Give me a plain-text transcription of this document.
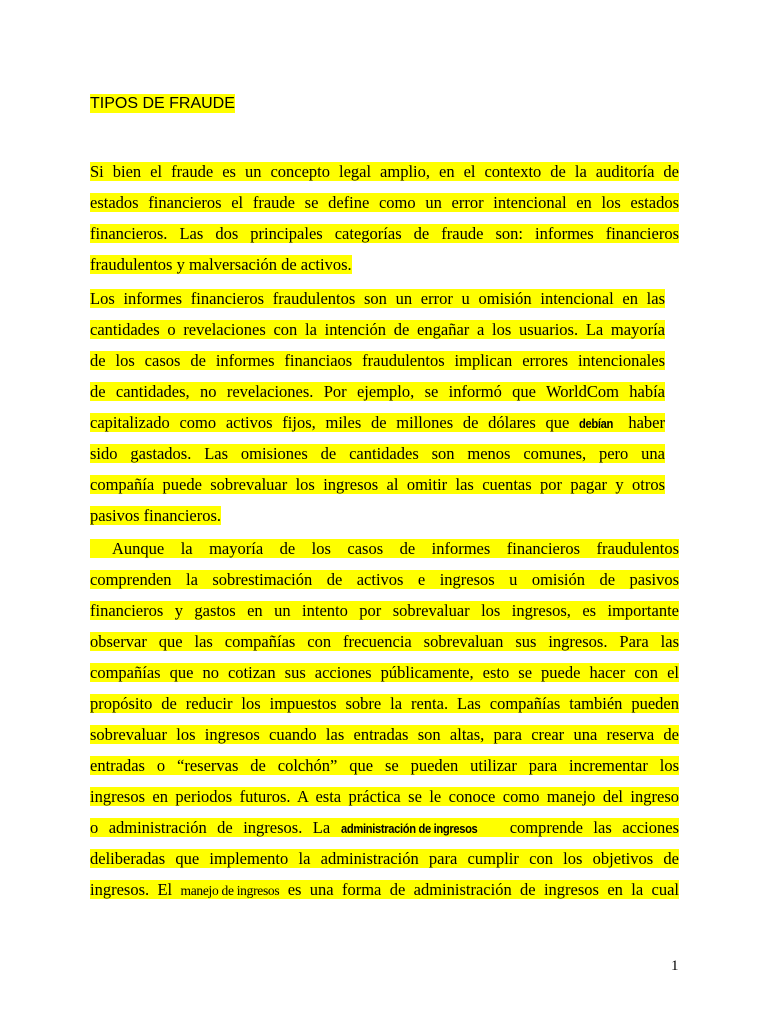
TIPOS DE FRAUDE
Si bien el fraude es un concepto legal amplio, en el contexto de la auditoría de
estados financieros el fraude se define como un error intencional en los estados
financieros. Las dos principales categorías de fraude son: informes financieros
fraudulentos y malversación de activos.
Los informes financieros fraudulentos son un error u omisión intencional en las
cantidades o revelaciones con la intención de engañar a los usuarios. La mayoría
de los casos de informes financiaos fraudulentos implican errores intencionales
de cantidades, no revelaciones. Por ejemplo, se informó que WorldCom había
capitalizado como activos fijos, miles de millones de dólares que debían haber
sido gastados. Las omisiones de cantidades son menos comunes, pero una
compañía puede sobrevaluar los ingresos al omitir las cuentas por pagar y otros
pasivos financieros.
Aunque la mayoría de los casos de informes financieros fraudulentos
comprenden la sobrestimación de activos e ingresos u omisión de pasivos
financieros y gastos en un intento por sobrevaluar los ingresos, es importante
observar que las compañías con frecuencia sobrevaluan sus ingresos. Para las
compañías que no cotizan sus acciones públicamente, esto se puede hacer con el
propósito de reducir los impuestos sobre la renta. Las compañías también pueden
sobrevaluar los ingresos cuando las entradas son altas, para crear una reserva de
entradas o “reservas de colchón” que se pueden utilizar para incrementar los
ingresos en periodos futuros. A esta práctica se le conoce como manejo del ingreso
o administración de ingresos. La administración de ingresos comprende las acciones
deliberadas que implemento la administración para cumplir con los objetivos de
ingresos. El manejo de ingresos es una forma de administración de ingresos en la cual
1
